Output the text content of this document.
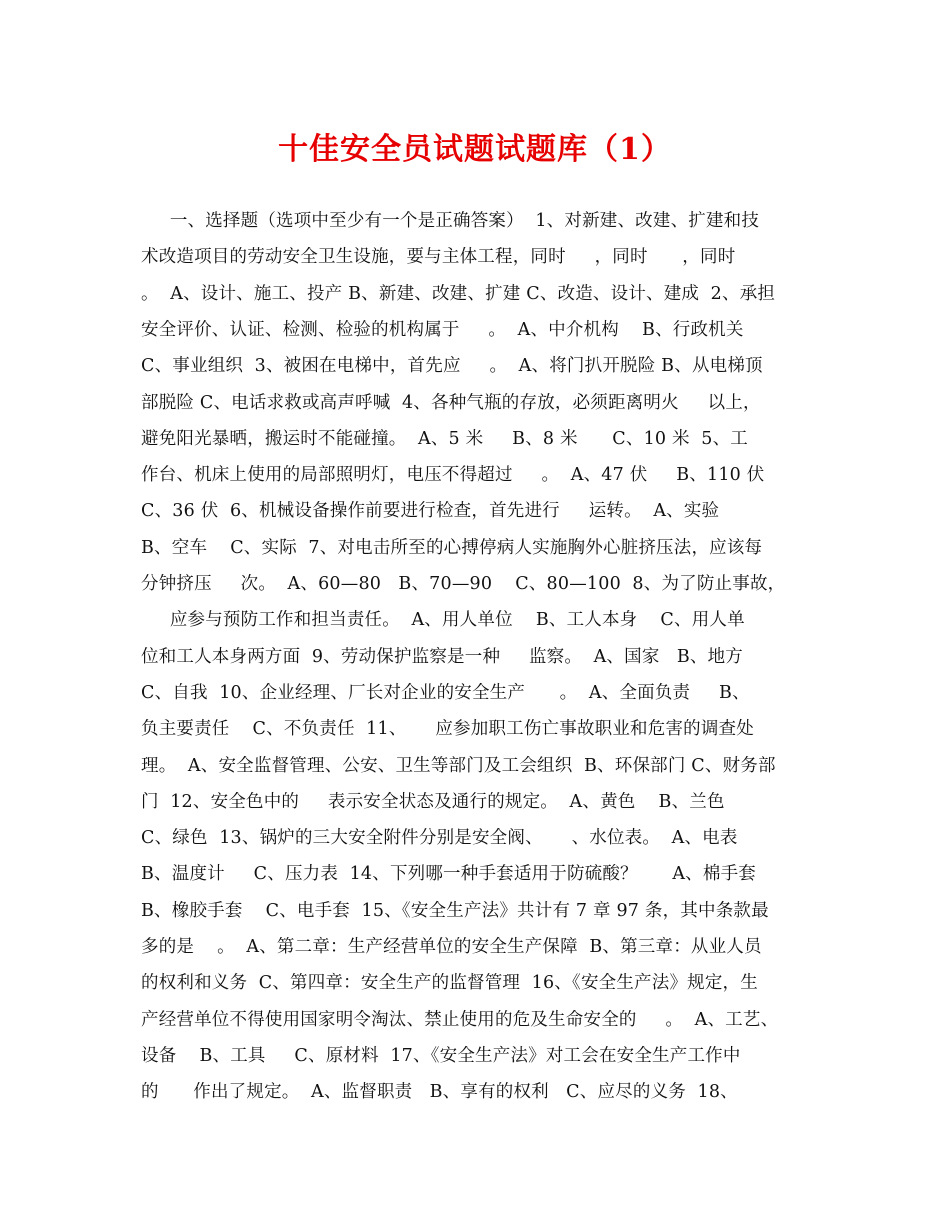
十佳安全员试题试题库（1）
一、选择题（选项中至少有一个是正确答案）  1、对新建、改建、扩建和技
术改造项目的劳动安全卫生设施，要与主体工程，同时     ，同时      ，同时
。  A、设计、施工、投产 B、新建、改建、扩建 C、改造、设计、建成  2、承担
安全评价、认证、检测、检验的机构属于     。  A、中介机构    B、行政机关
C、事业组织  3、被困在电梯中，首先应     。  A、将门扒开脱险 B、从电梯顶
部脱险 C、电话求救或高声呼喊  4、各种气瓶的存放，必须距离明火     以上，
避免阳光暴晒，搬运时不能碰撞。  A、5 米     B、8 米      C、10 米  5、工
作台、机床上使用的局部照明灯，电压不得超过     。  A、47 伏     B、110 伏
C、36 伏  6、机械设备操作前要进行检查，首先进行     运转。  A、实验
B、空车    C、实际  7、对电击所至的心搏停病人实施胸外心脏挤压法，应该每
分钟挤压     次。  A、60—80   B、70—90    C、80—100  8、为了防止事故，
应参与预防工作和担当责任。  A、用人单位    B、工人本身    C、用人单
位和工人本身两方面  9、劳动保护监察是一种     监察。  A、国家   B、地方
C、自我  10、企业经理、厂长对企业的安全生产      。  A、全面负责     B、
负主要责任    C、不负责任  11、     应参加职工伤亡事故职业和危害的调查处
理。  A、安全监督管理、公安、卫生等部门及工会组织  B、环保部门 C、财务部
门  12、安全色中的     表示安全状态及通行的规定。  A、黄色    B、兰色
C、绿色  13、锅炉的三大安全附件分别是安全阀、     、水位表。  A、电表
B、温度计     C、压力表  14、下列哪一种手套适用于防硫酸？      A、棉手套
B、橡胶手套    C、电手套  15、《安全生产法》共计有 7 章 97 条，其中条款最
多的是    。  A、第二章：生产经营单位的安全生产保障  B、第三章：从业人员
的权利和义务  C、第四章：安全生产的监督管理  16、《安全生产法》规定，生
产经营单位不得使用国家明令淘汰、禁止使用的危及生命安全的     。  A、工艺、
设备    B、工具     C、原材料  17、《安全生产法》对工会在安全生产工作中
的      作出了规定。  A、监督职责   B、享有的权利   C、应尽的义务  18、
